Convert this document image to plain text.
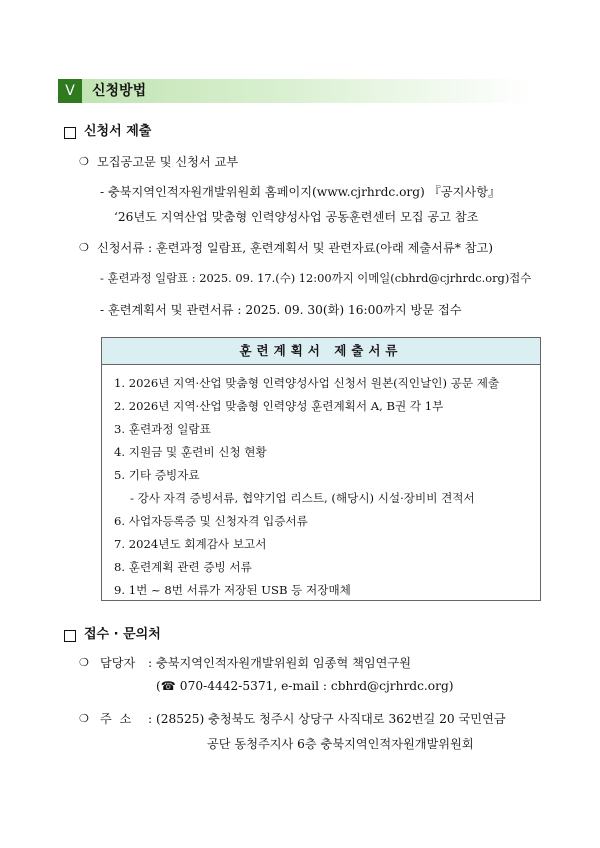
V	신청방법
신청서 제출
❍ 모집공고문 및 신청서 교부
- 충북지역인적자원개발위원회 홈페이지(www.cjrhrdc.org) 『공지사항』
‘26년도 지역산업 맞춤형 인력양성사업 공동훈련센터 모집 공고 참조
❍ 신청서류 : 훈련과정 일람표, 훈련계획서 및 관련자료(아래 제출서류* 참고)
- 훈련과정 일람표 : 2025. 09. 17.(수) 12:00까지 이메일(cbhrd@cjrhrdc.org)접수
- 훈련계획서 및 관련서류 : 2025. 09. 30(화) 16:00까지 방문 접수
훈련계획서 제출서류
1. 2026년 지역·산업 맞춤형 인력양성사업 신청서 원본(직인날인) 공문 제출
2. 2026년 지역·산업 맞춤형 인력양성 훈련계획서 A, B권 각 1부
3. 훈련과정 일람표
4. 지원금 및 훈련비 신청 현황
5. 기타 증빙자료
- 강사 자격 증빙서류, 협약기업 리스트, (해당시) 시설·장비비 견적서
6. 사업자등록증 및 신청자격 입증서류
7. 2024년도 회계감사 보고서
8. 훈련계획 관련 증빙 서류
9. 1번 ~ 8번 서류가 저장된 USB 등 저장매체
접수 · 문의처
❍ 담당자 : 충북지역인적자원개발위원회 임종혁 책임연구원
(☎ 070-4442-5371, e-mail : cbhrd@cjrhrdc.org)
❍ 주  소 : (28525) 충청북도 청주시 상당구 사직대로 362번길 20 국민연금
공단 동청주지사 6층 충북지역인적자원개발위원회
